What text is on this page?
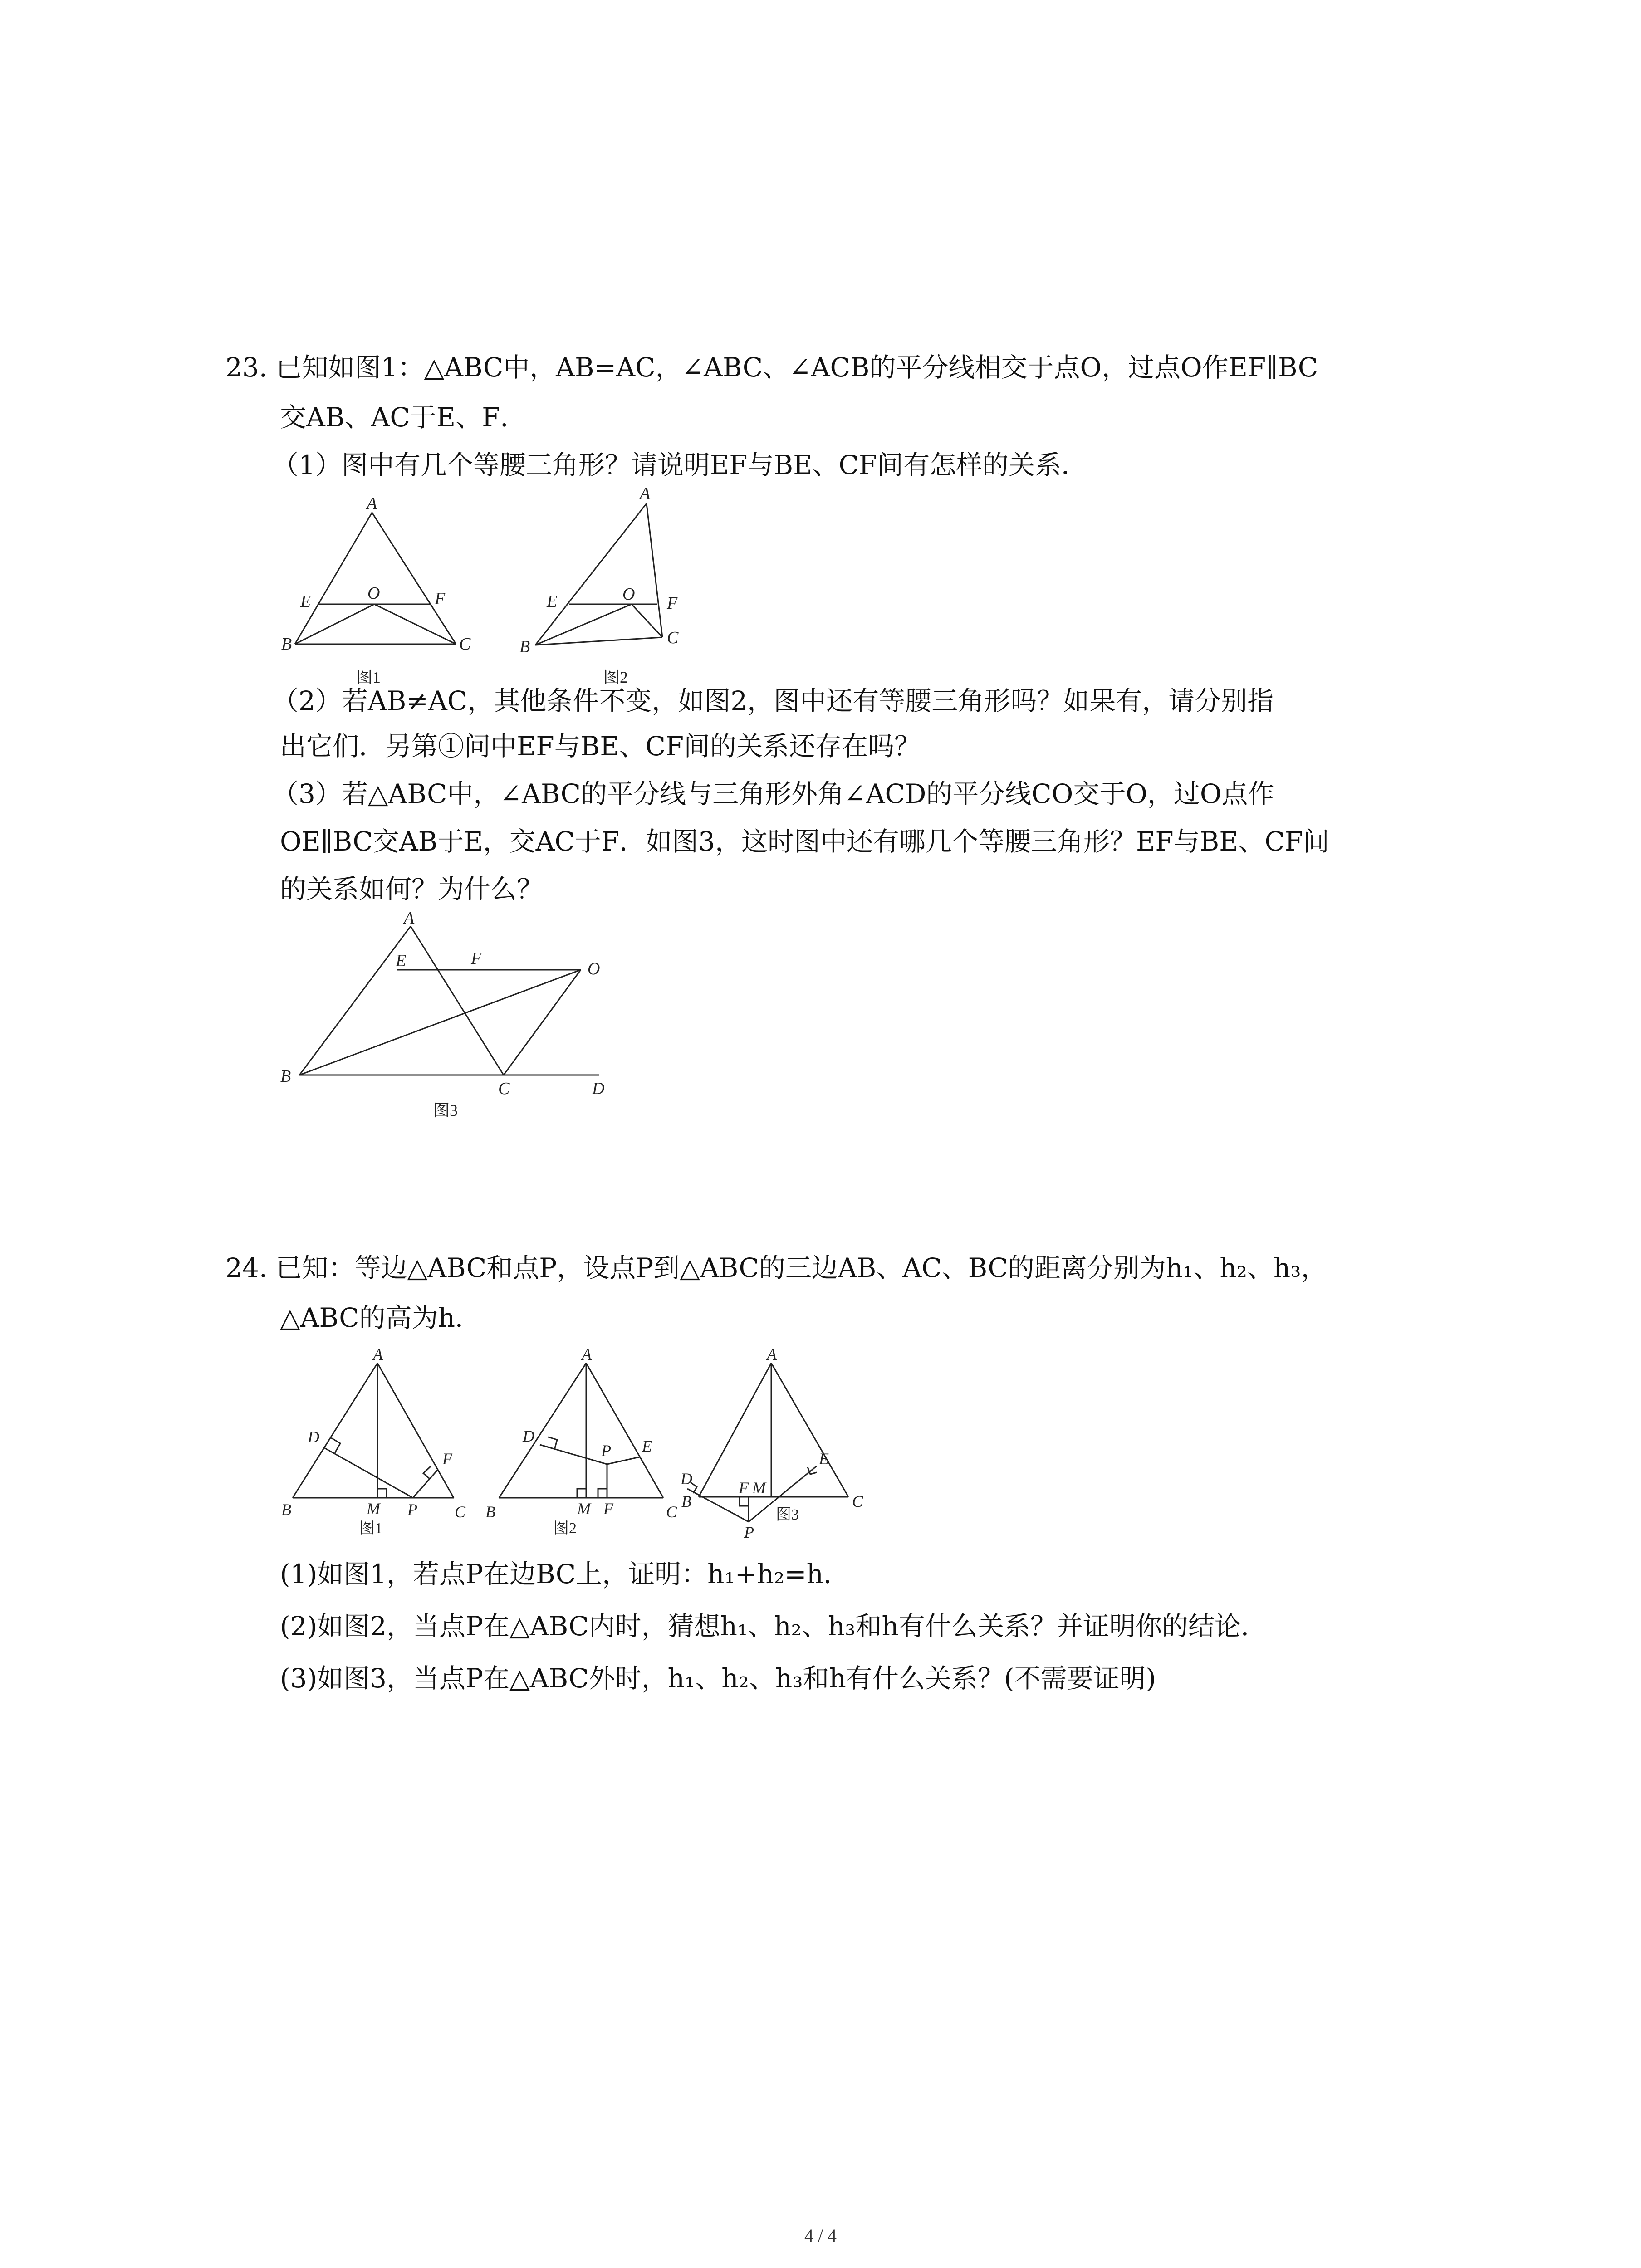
23. 已知如图1：△ABC中，AB=AC，∠ABC、∠ACB的平分线相交于点O，过点O作EF∥BC
交AB、AC于E、F．
（1）图中有几个等腰三角形？请说明EF与BE、CF间有怎样的关系．
A
E	O	F
B	C
图1
A
E	O F
B	C
图2
（2）若AB≠AC，其他条件不变，如图2，图中还有等腰三角形吗？如果有，请分别指
出它们．另第①问中EF与BE、CF间的关系还存在吗？
（3）若△ABC中，∠ABC的平分线与三角形外角∠ACD的平分线CO交于O，过O点作
OE∥BC交AB于E，交AC于F．如图3，这时图中还有哪几个等腰三角形？EF与BE、CF间
的关系如何？为什么？
A
E	F
O
B
C	D
图3
24. 已知：等边△ABC和点P，设点P到△ABC的三边AB、AC、BC的距离分别为h₁、h₂、h₃，
△ABC的高为h．
A
D
F
B	M P C
图1
A
D
P E
B	M F	C
图2
A
E
D	F M
B	C
P
图3
(1)如图1，若点P在边BC上，证明：h₁+h₂=h．
(2)如图2，当点P在△ABC内时，猜想h₁、h₂、h₃和h有什么关系？并证明你的结论．
(3)如图3，当点P在△ABC外时，h₁、h₂、h₃和h有什么关系？(不需要证明)
4 / 4
